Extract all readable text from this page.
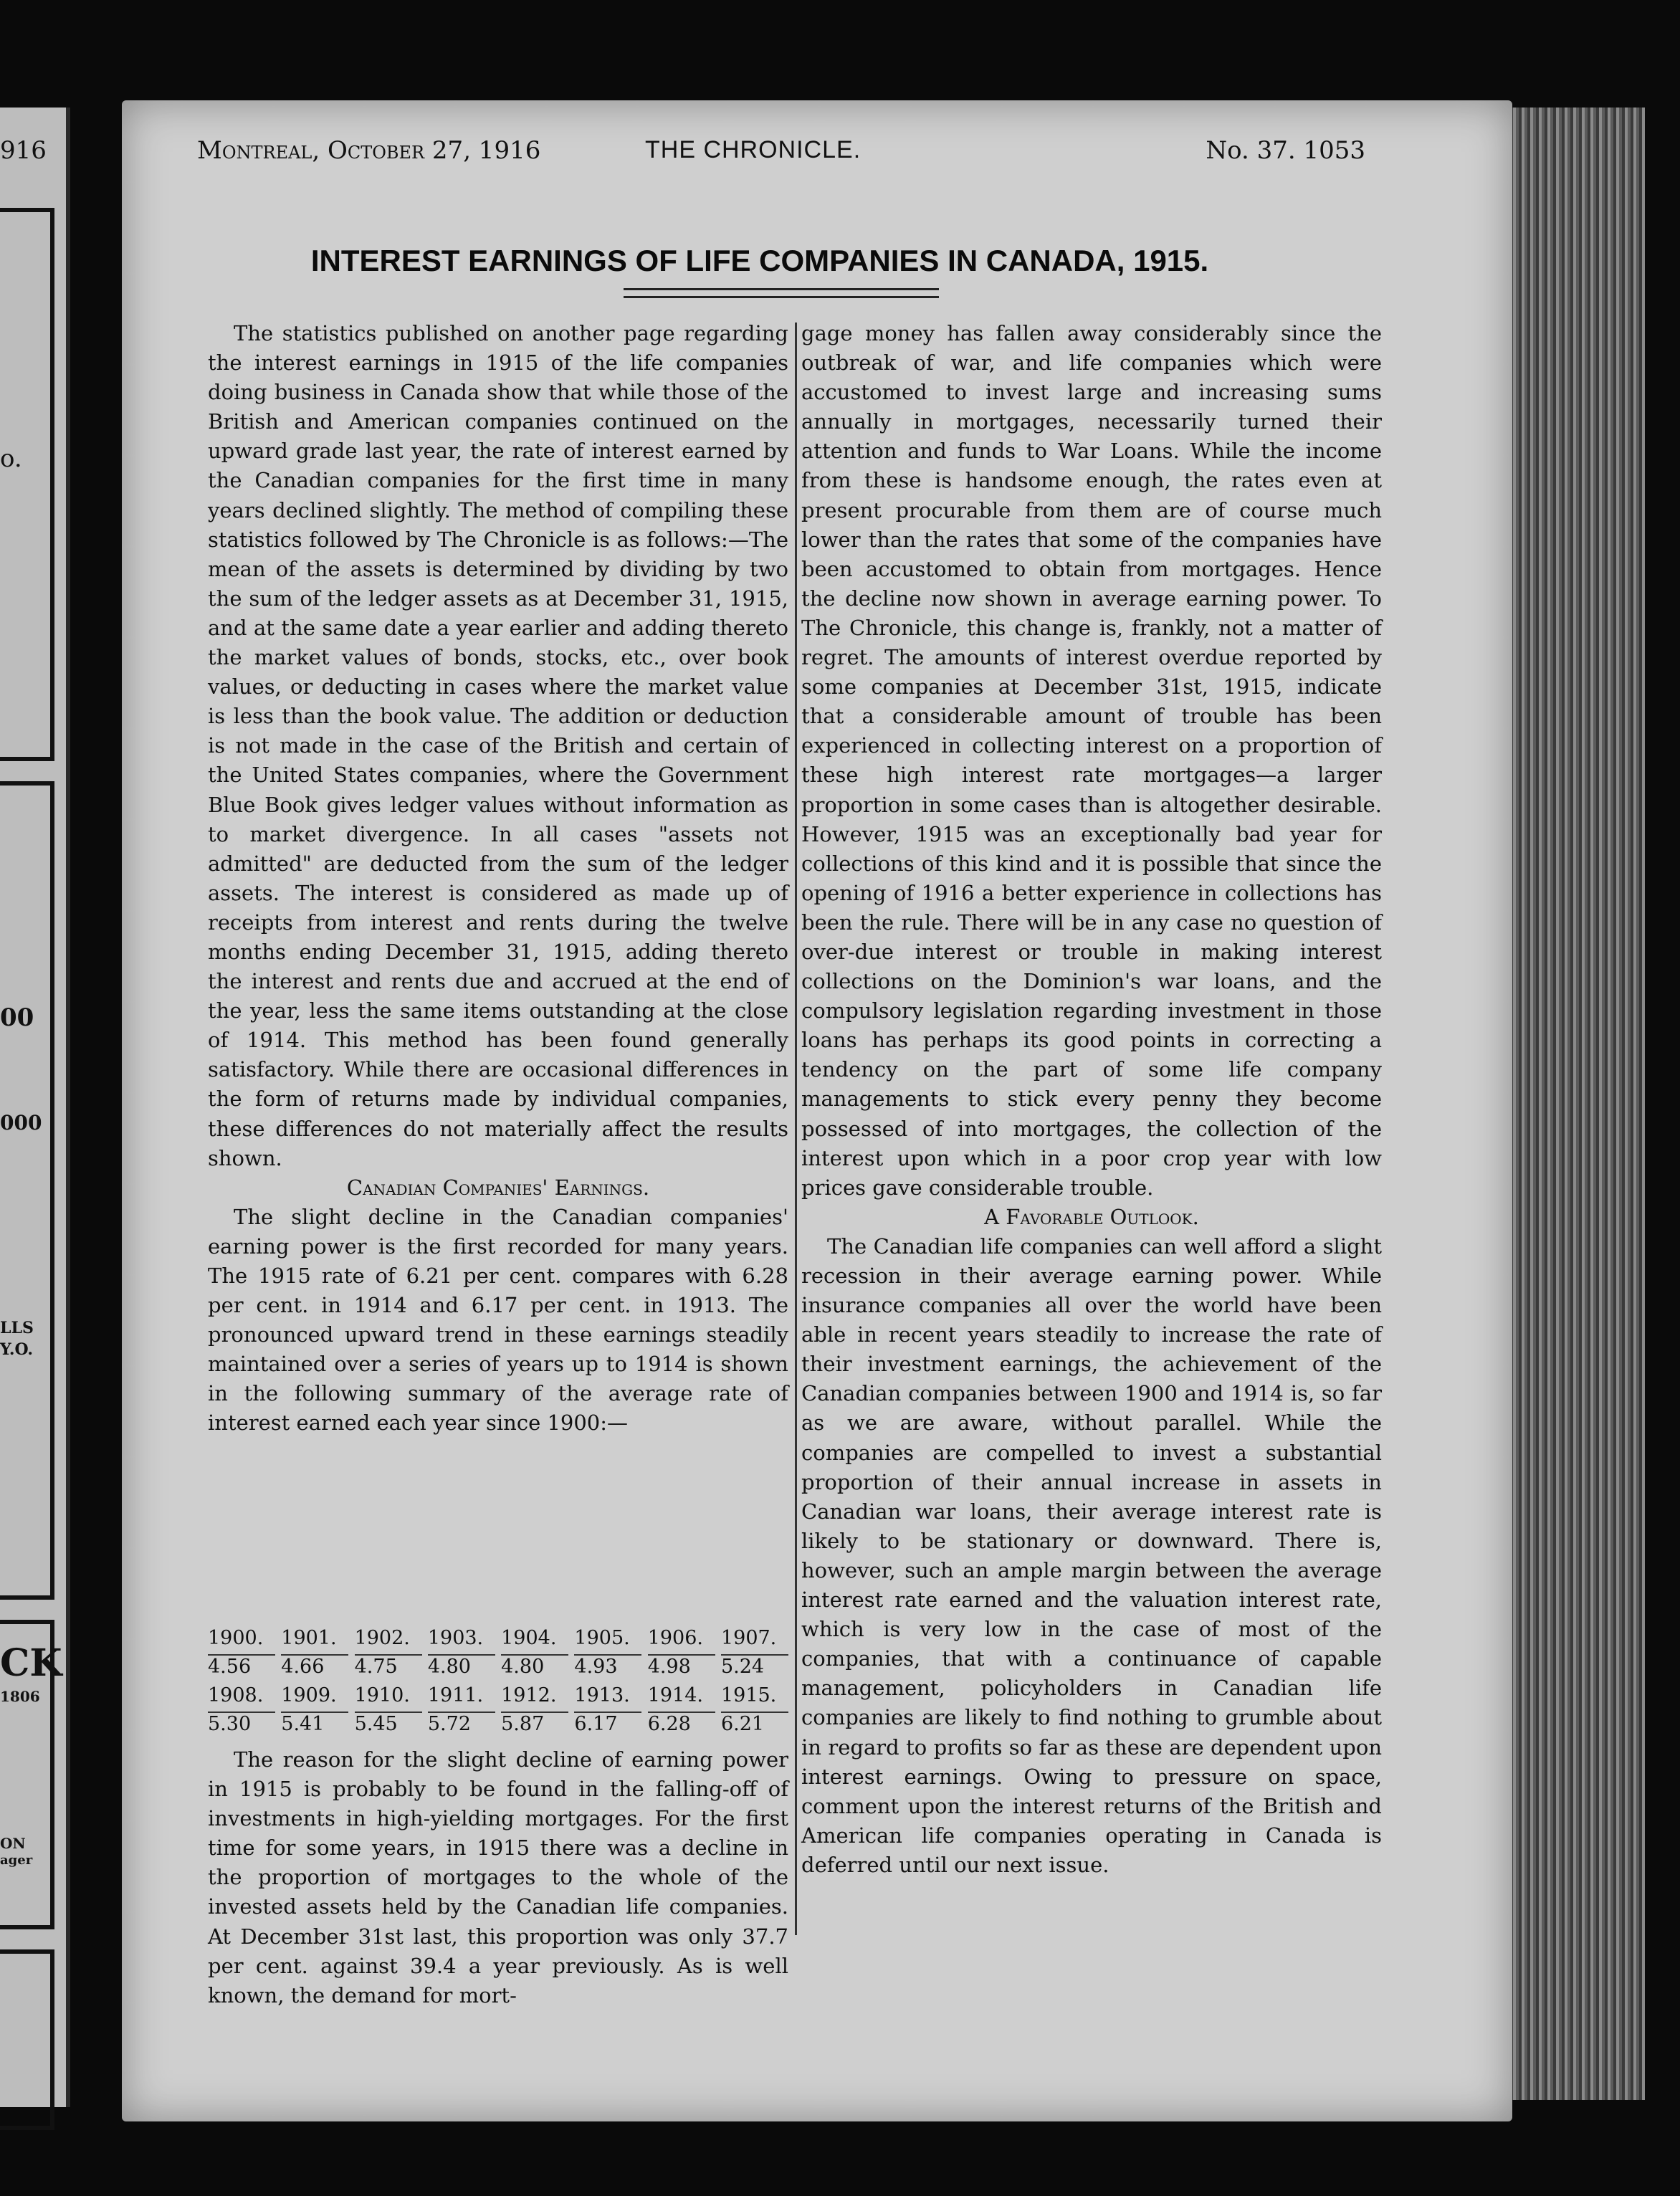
916
o.
00
000
LLS
Y.O.
CK
1806
ON
ager
Montreal, October 27, 1916	THE CHRONICLE.	No. 37. 1053
INTEREST EARNINGS OF LIFE COMPANIES IN CANADA, 1915.

The statistics published on another page regarding the interest earnings in 1915 of the life companies doing business in Canada show that while those of the British and American companies continued on the upward grade last year, the rate of interest earned by the Canadian companies for the first time in many years declined slightly. The method of compiling these statistics followed by The Chronicle is as follows:—The mean of the assets is determined by dividing by two the sum of the ledger assets as at December 31, 1915, and at the same date a year earlier and adding thereto the market values of bonds, stocks, etc., over book values, or deducting in cases where the market value is less than the book value. The addition or deduction is not made in the case of the British and certain of the United States companies, where the Government Blue Book gives ledger values without information as to market divergence. In all cases "assets not admitted" are deducted from the sum of the ledger assets. The interest is considered as made up of receipts from interest and rents during the twelve months ending December 31, 1915, adding thereto the interest and rents due and accrued at the end of the year, less the same items outstanding at the close of 1914. This method has been found generally satisfactory. While there are occasional differences in the form of returns made by individual companies, these differences do not materially affect the results shown.

Canadian Companies' Earnings.

The slight decline in the Canadian companies' earning power is the first recorded for many years. The 1915 rate of 6.21 per cent. compares with 6.28 per cent. in 1914 and 6.17 per cent. in 1913. The pronounced upward trend in these earnings steadily maintained over a series of years up to 1914 is shown in the following summary of the average rate of interest earned each year since 1900:—

1900. 1901. 1902. 1903. 1904. 1905. 1906. 1907.
4.56	4.66	4.75	4.80	4.80	4.93	4.98	5.24
1908. 1909. 1910. 1911. 1912. 1913. 1914. 1915.
5.30	5.41	5.45	5.72	5.87	6.17	6.28	6.21

The reason for the slight decline of earning power in 1915 is probably to be found in the falling-off of investments in high-yielding mortgages. For the first time for some years, in 1915 there was a decline in the proportion of mortgages to the whole of the invested assets held by the Canadian life companies. At December 31st last, this proportion was only 37.7 per cent. against 39.4 a year previously. As is well known, the demand for mort-

gage money has fallen away considerably since the outbreak of war, and life companies which were accustomed to invest large and increasing sums annually in mortgages, necessarily turned their attention and funds to War Loans. While the income from these is handsome enough, the rates even at present procurable from them are of course much lower than the rates that some of the companies have been accustomed to obtain from mortgages. Hence the decline now shown in average earning power. To The Chronicle, this change is, frankly, not a matter of regret. The amounts of interest overdue reported by some companies at December 31st, 1915, indicate that a considerable amount of trouble has been experienced in collecting interest on a proportion of these high interest rate mortgages—a larger proportion in some cases than is altogether desirable. However, 1915 was an exceptionally bad year for collections of this kind and it is possible that since the opening of 1916 a better experience in collections has been the rule. There will be in any case no question of over-due interest or trouble in making interest collections on the Dominion's war loans, and the compulsory legislation regarding investment in those loans has perhaps its good points in correcting a tendency on the part of some life company managements to stick every penny they become possessed of into mortgages, the collection of the interest upon which in a poor crop year with low prices gave considerable trouble.

A Favorable Outlook.

The Canadian life companies can well afford a slight recession in their average earning power. While insurance companies all over the world have been able in recent years steadily to increase the rate of their investment earnings, the achievement of the Canadian companies between 1900 and 1914 is, so far as we are aware, without parallel. While the companies are compelled to invest a substantial proportion of their annual increase in assets in Canadian war loans, their average interest rate is likely to be stationary or downward. There is, however, such an ample margin between the average interest rate earned and the valuation interest rate, which is very low in the case of most of the companies, that with a continuance of capable management, policyholders in Canadian life companies are likely to find nothing to grumble about in regard to profits so far as these are dependent upon interest earnings. Owing to pressure on space, comment upon the interest returns of the British and American life companies operating in Canada is deferred until our next issue.
